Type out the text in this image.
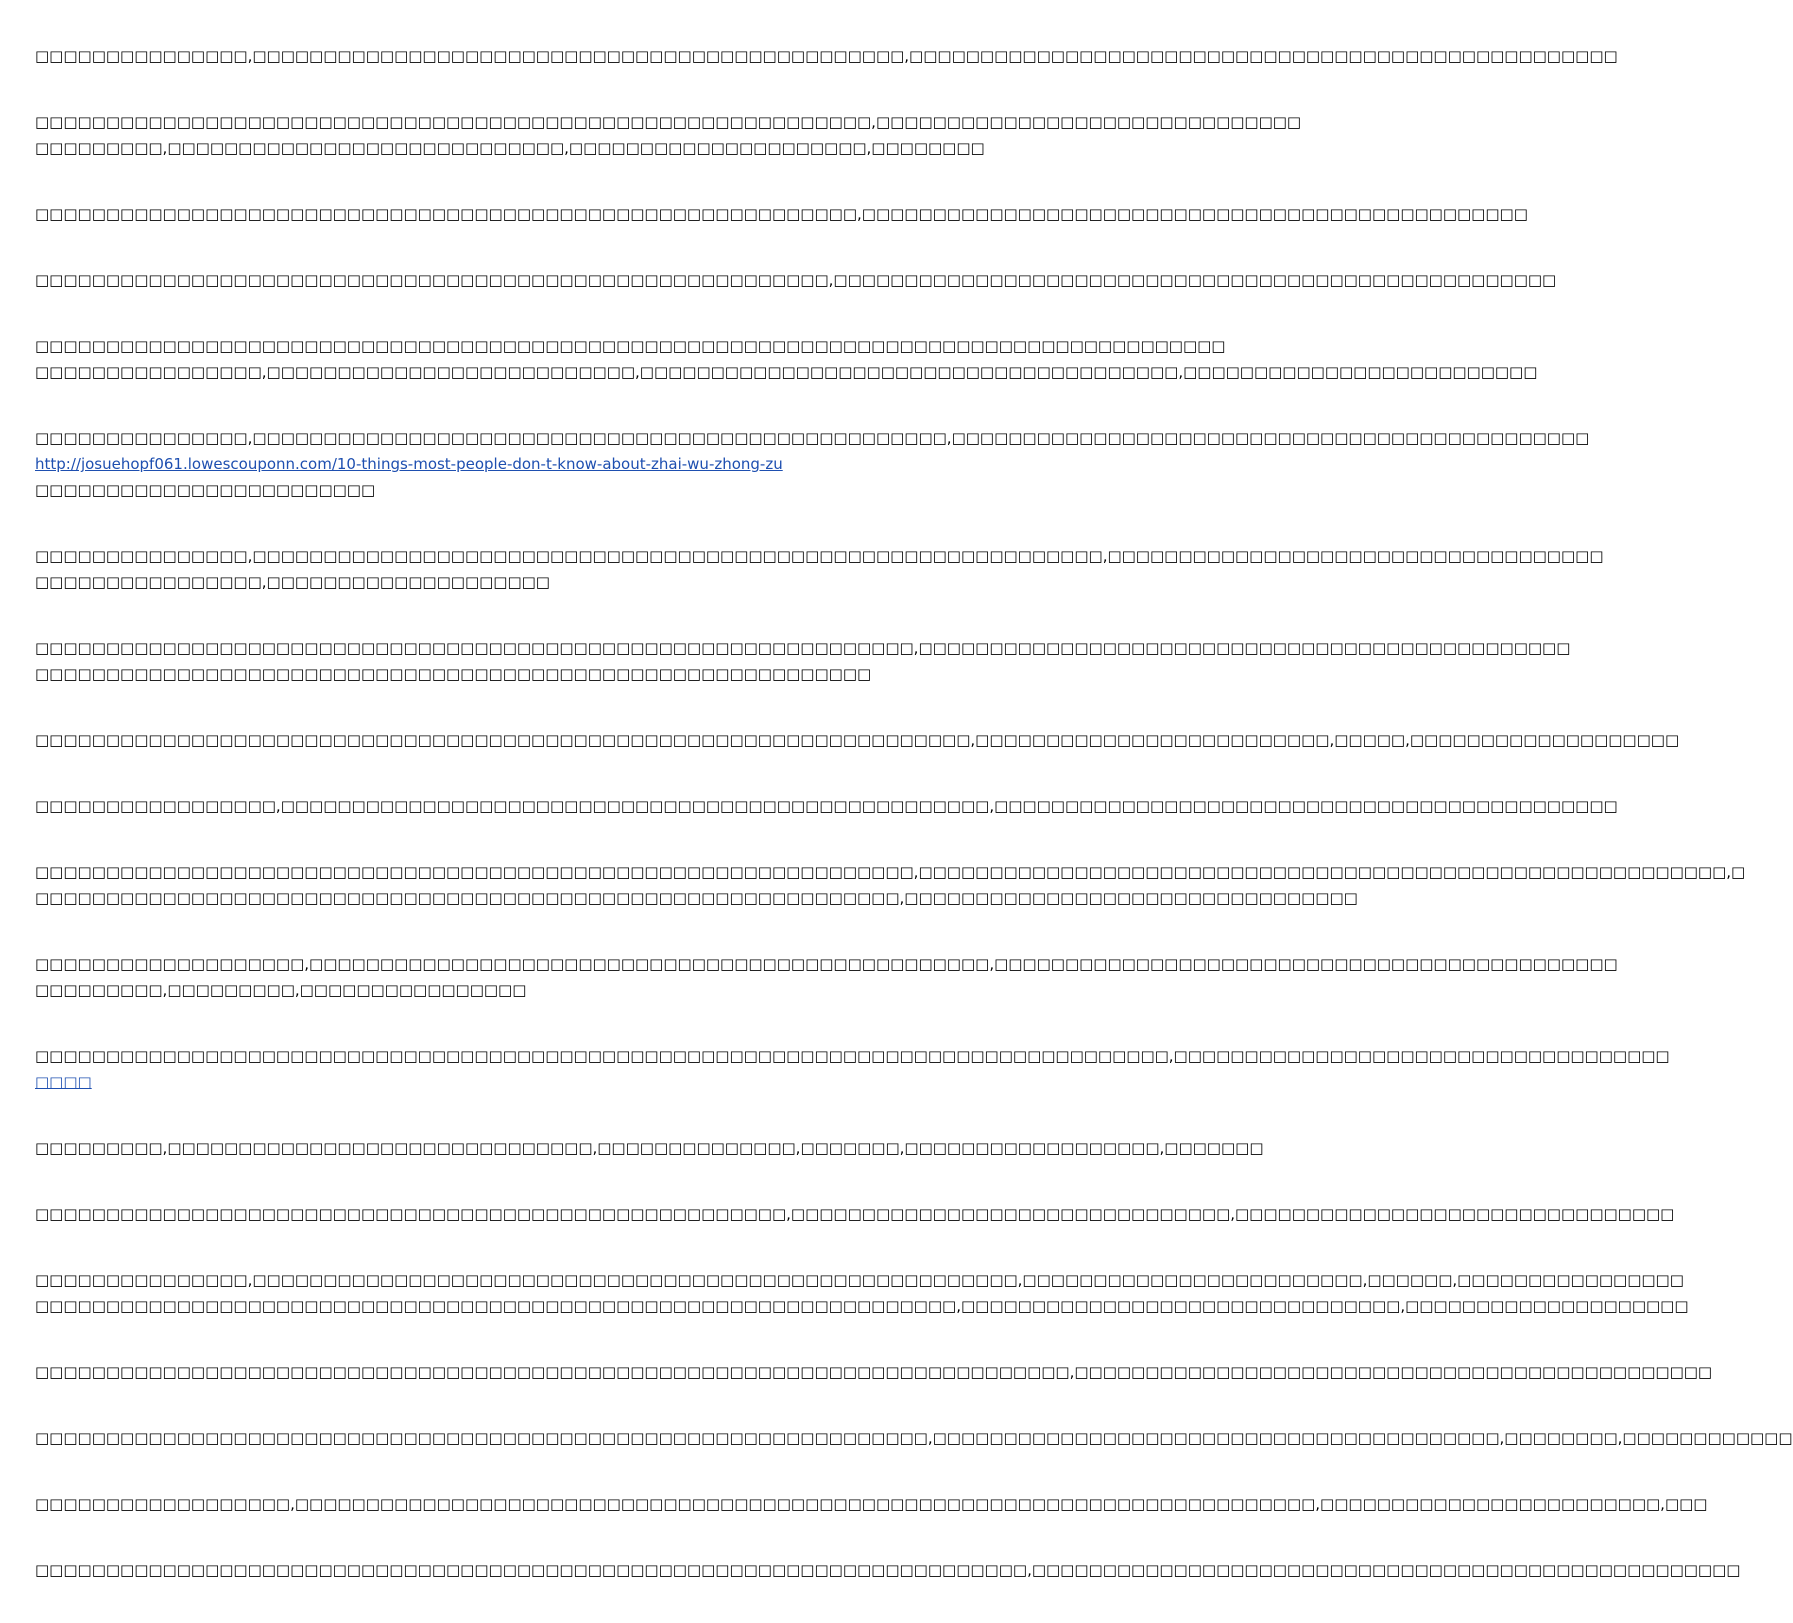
□□□□□□□□□□□□□□□,□□□□□□□□□□□□□□□□□□□□□□□□□□□□□□□□□□□□□□□□□□□□□□,□□□□□□□□□□□□□□□□□□□□□□□□□□□□□□□□□□□□□□□□□□□□□□□□□□
□□□□□□□□□□□□□□□□□□□□□□□□□□□□□□□□□□□□□□□□□□□□□□□□□□□□□□□□□□□,□□□□□□□□□□□□□□□□□□□□□□□□□□□□□□
□□□□□□□□□,□□□□□□□□□□□□□□□□□□□□□□□□□□□□,□□□□□□□□□□□□□□□□□□□□□,□□□□□□□□
□□□□□□□□□□□□□□□□□□□□□□□□□□□□□□□□□□□□□□□□□□□□□□□□□□□□□□□□□□,□□□□□□□□□□□□□□□□□□□□□□□□□□□□□□□□□□□□□□□□□□□□□□□
□□□□□□□□□□□□□□□□□□□□□□□□□□□□□□□□□□□□□□□□□□□□□□□□□□□□□□□□,□□□□□□□□□□□□□□□□□□□□□□□□□□□□□□□□□□□□□□□□□□□□□□□□□□□
□□□□□□□□□□□□□□□□□□□□□□□□□□□□□□□□□□□□□□□□□□□□□□□□□□□□□□□□□□□□□□□□□□□□□□□□□□□□□□□□□□□□
□□□□□□□□□□□□□□□□,□□□□□□□□□□□□□□□□□□□□□□□□□□,□□□□□□□□□□□□□□□□□□□□□□□□□□□□□□□□□□□□□□,□□□□□□□□□□□□□□□□□□□□□□□□□
□□□□□□□□□□□□□□□,□□□□□□□□□□□□□□□□□□□□□□□□□□□□□□□□□□□□□□□□□□□□□□□□□,□□□□□□□□□□□□□□□□□□□□□□□□□□□□□□□□□□□□□□□□□□□□□
http://josuehopf061.lowescouponn.com/10-things-most-people-don-t-know-about-zhai-wu-zhong-zu
□□□□□□□□□□□□□□□□□□□□□□□□
□□□□□□□□□□□□□□□,□□□□□□□□□□□□□□□□□□□□□□□□□□□□□□□□□□□□□□□□□□□□□□□□□□□□□□□□□□□□,□□□□□□□□□□□□□□□□□□□□□□□□□□□□□□□□□□□
□□□□□□□□□□□□□□□□,□□□□□□□□□□□□□□□□□□□□
□□□□□□□□□□□□□□□□□□□□□□□□□□□□□□□□□□□□□□□□□□□□□□□□□□□□□□□□□□□□□□,□□□□□□□□□□□□□□□□□□□□□□□□□□□□□□□□□□□□□□□□□□□□□□
□□□□□□□□□□□□□□□□□□□□□□□□□□□□□□□□□□□□□□□□□□□□□□□□□□□□□□□□□□□
□□□□□□□□□□□□□□□□□□□□□□□□□□□□□□□□□□□□□□□□□□□□□□□□□□□□□□□□□□□□□□□□□□,□□□□□□□□□□□□□□□□□□□□□□□□□,□□□□□,□□□□□□□□□□□□□□□□□□□
□□□□□□□□□□□□□□□□□,□□□□□□□□□□□□□□□□□□□□□□□□□□□□□□□□□□□□□□□□□□□□□□□□□□,□□□□□□□□□□□□□□□□□□□□□□□□□□□□□□□□□□□□□□□□□□□□
□□□□□□□□□□□□□□□□□□□□□□□□□□□□□□□□□□□□□□□□□□□□□□□□□□□□□□□□□□□□□□,□□□□□□□□□□□□□□□□□□□□□□□□□□□□□□□□□□□□□□□□□□□□□□□□□□□□□□□□□,□
□□□□□□□□□□□□□□□□□□□□□□□□□□□□□□□□□□□□□□□□□□□□□□□□□□□□□□□□□□□□□,□□□□□□□□□□□□□□□□□□□□□□□□□□□□□□□□
□□□□□□□□□□□□□□□□□□□,□□□□□□□□□□□□□□□□□□□□□□□□□□□□□□□□□□□□□□□□□□□□□□□□,□□□□□□□□□□□□□□□□□□□□□□□□□□□□□□□□□□□□□□□□□□□□
□□□□□□□□□,□□□□□□□□□,□□□□□□□□□□□□□□□□
□□□□□□□□□□□□□□□□□□□□□□□□□□□□□□□□□□□□□□□□□□□□□□□□□□□□□□□□□□□□□□□□□□□□□□□□□□□□□□□□,□□□□□□□□□□□□□□□□□□□□□□□□□□□□□□□□□□□
□□□□
□□□□□□□□□,□□□□□□□□□□□□□□□□□□□□□□□□□□□□□□,□□□□□□□□□□□□□□,□□□□□□□,□□□□□□□□□□□□□□□□□□,□□□□□□□
□□□□□□□□□□□□□□□□□□□□□□□□□□□□□□□□□□□□□□□□□□□□□□□□□□□□□,□□□□□□□□□□□□□□□□□□□□□□□□□□□□□□□,□□□□□□□□□□□□□□□□□□□□□□□□□□□□□□□
□□□□□□□□□□□□□□□,□□□□□□□□□□□□□□□□□□□□□□□□□□□□□□□□□□□□□□□□□□□□□□□□□□□□□□,□□□□□□□□□□□□□□□□□□□□□□□□,□□□□□□,□□□□□□□□□□□□□□□□
□□□□□□□□□□□□□□□□□□□□□□□□□□□□□□□□□□□□□□□□□□□□□□□□□□□□□□□□□□□□□□□□□,□□□□□□□□□□□□□□□□□□□□□□□□□□□□□□□,□□□□□□□□□□□□□□□□□□□□
□□□□□□□□□□□□□□□□□□□□□□□□□□□□□□□□□□□□□□□□□□□□□□□□□□□□□□□□□□□□□□□□□□□□□□□□□,□□□□□□□□□□□□□□□□□□□□□□□□□□□□□□□□□□□□□□□□□□□□□
□□□□□□□□□□□□□□□□□□□□□□□□□□□□□□□□□□□□□□□□□□□□□□□□□□□□□□□□□□□□□□□,□□□□□□□□□□□□□□□□□□□□□□□□□□□□□□□□□□□□□□□□,□□□□□□□□,□□□□□□□□□□□□
□□□□□□□□□□□□□□□□□□,□□□□□□□□□□□□□□□□□□□□□□□□□□□□□□□□□□□□□□□□□□□□□□□□□□□□□□□□□□□□□□□□□□□□□□□□,□□□□□□□□□□□□□□□□□□□□□□□□,□□□
□□□□□□□□□□□□□□□□□□□□□□□□□□□□□□□□□□□□□□□□□□□□□□□□□□□□□□□□□□□□□□□□□□□□□□,□□□□□□□□□□□□□□□□□□□□□□□□□□□□□□□□□□□□□□□□□□□□□□□□□□
